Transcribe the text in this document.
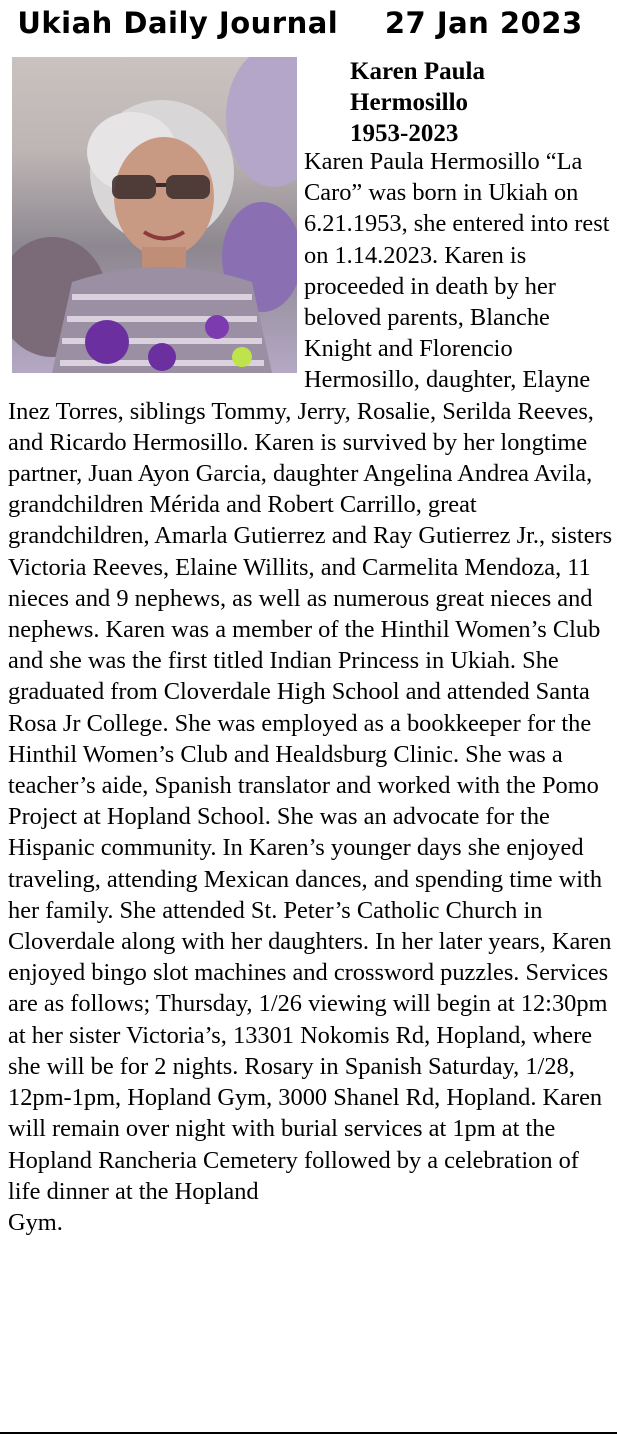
Ukiah Daily Journal 27 Jan 2023
Karen Paula
Hermosillo
1953-2023

Karen Paula Hermosillo “La Caro” was born in Ukiah on 6.21.1953, she entered into rest on 1.14.2023. Karen is proceeded in death by her beloved parents, Blanche Knight and Florencio Hermosillo, daughter, Elayne Inez Torres, siblings Tommy, Jerry, Rosalie, Serilda Reeves, and Ricardo Hermosillo. Karen is survived by her longtime partner, Juan Ayon Garcia, daughter Angelina Andrea Avila, grandchildren Mérida and Robert Carrillo, great grandchildren, Amarla Gutierrez and Ray Gutierrez Jr., sisters Victoria Reeves, Elaine Willits, and Carmelita Mendoza, 11 nieces and 9 nephews, as well as numerous great nieces and nephews. Karen was a member of the Hinthil Women’s Club and she was the first titled Indian Princess in Ukiah. She graduated from Cloverdale High School and attended Santa Rosa Jr College. She was employed as a bookkeeper for the Hinthil Women’s Club and Healdsburg Clinic. She was a teacher’s aide, Spanish translator and worked with the Pomo Project at Hopland School. She was an advocate for the Hispanic community. In Karen’s younger days she enjoyed traveling, attending Mexican dances, and spending time with her family. She attended St. Peter’s Catholic Church in Cloverdale along with her daughters. In her later years, Karen enjoyed bingo slot machines and crossword puzzles. Services are as follows; Thursday, 1/26 viewing will begin at 12:30pm at her sister Victoria’s, 13301 Nokomis Rd, Hopland, where she will be for 2 nights. Rosary in Spanish Saturday, 1/28, 12pm-1pm, Hopland Gym, 3000 Shanel Rd, Hopland. Karen will remain over night with burial services at 1pm at the Hopland Rancheria Cemetery followed by a celebration of life dinner at the Hopland

Gym.
